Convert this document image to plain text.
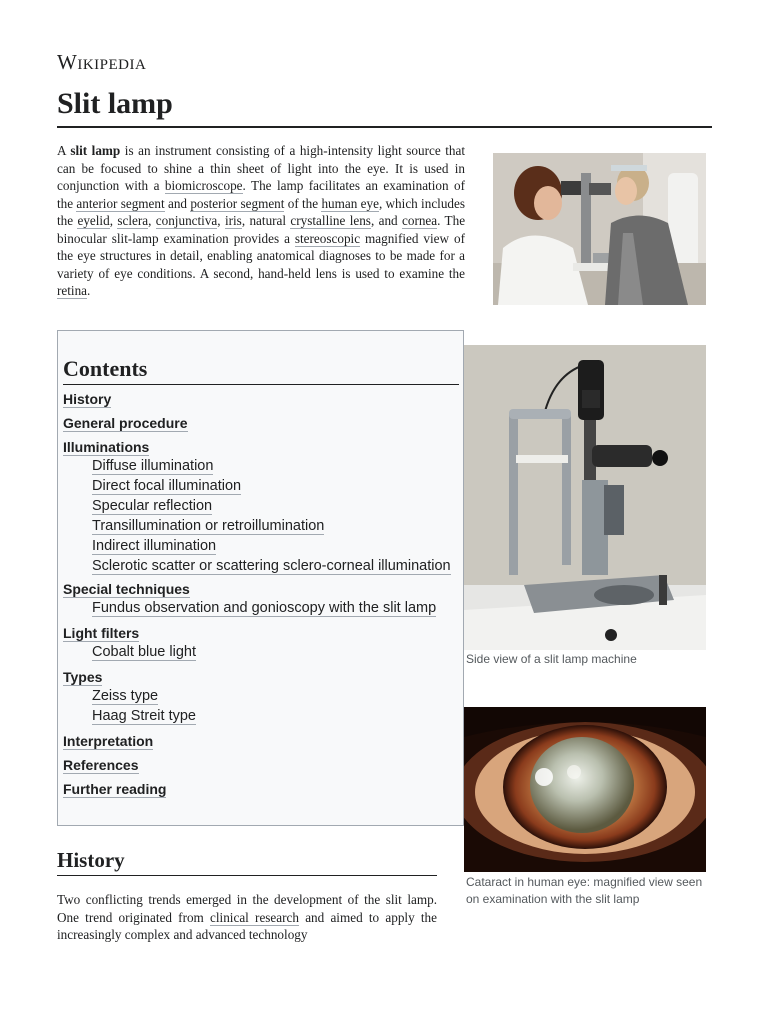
Wikipedia
Slit lamp

A slit lamp is an instrument consisting of a high-intensity light source that can be focused to shine a thin sheet of light into the eye. It is used in conjunction with a biomicroscope. The lamp facilitates an examination of the anterior segment and posterior segment of the human eye, which includes the eyelid, sclera, conjunctiva, iris, natural crystalline lens, and cornea. The binocular slit-lamp examination provides a stereoscopic magnified view of the eye structures in detail, enabling anatomical diagnoses to be made for a variety of eye conditions. A second, hand-held lens is used to examine the retina.

Side view of a slit lamp machine
Cataract in human eye: magnified view seen on examination with the slit lamp
Contents
History
General procedure
Illuminations
Diffuse illumination
Direct focal illumination
Specular reflection
Transillumination or retroillumination
Indirect illumination
Sclerotic scatter or scattering sclero-corneal illumination
Special techniques
Fundus observation and gonioscopy with the slit lamp
Light filters
Cobalt blue light
Types
Zeiss type
Haag Streit type
Interpretation
References
Further reading
History

Two conflicting trends emerged in the development of the slit lamp. One trend originated from clinical research and aimed to apply the increasingly complex and advanced technology
